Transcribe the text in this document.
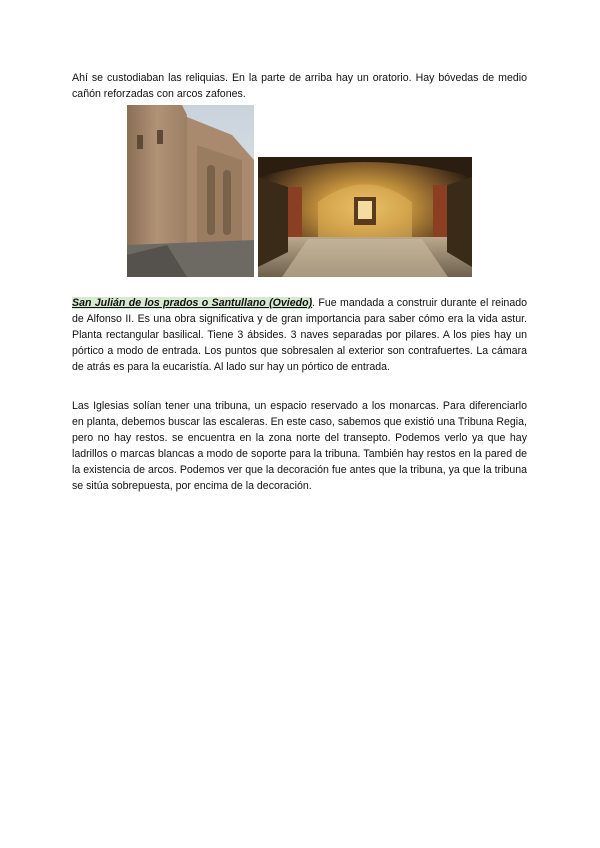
Ahí se custodiaban las reliquias. En la parte de arriba hay un oratorio. Hay bóvedas de medio cañón reforzadas con arcos zafones.

San Julián de los prados o Santullano (Oviedo). Fue mandada a construir durante el reinado de Alfonso II. Es una obra significativa y de gran importancia para saber cómo era la vida astur. Planta rectangular basilical. Tiene 3 ábsides. 3 naves separadas por pilares. A los pies hay un pórtico a modo de entrada. Los puntos que sobresalen al exterior son contrafuertes. La cámara de atrás es para la eucaristía. Al lado sur hay un pórtico de entrada.

Las Iglesias solían tener una tribuna, un espacio reservado a los monarcas. Para diferenciarlo en planta, debemos buscar las escaleras. En este caso, sabemos que existió una Tribuna Regia, pero no hay restos. se encuentra en la zona norte del transepto. Podemos verlo ya que hay ladrillos o marcas blancas a modo de soporte para la tribuna. También hay restos en la pared de la existencia de arcos. Podemos ver que la decoración fue antes que la tribuna, ya que la tribuna se sitúa sobrepuesta, por encima de la decoración.
